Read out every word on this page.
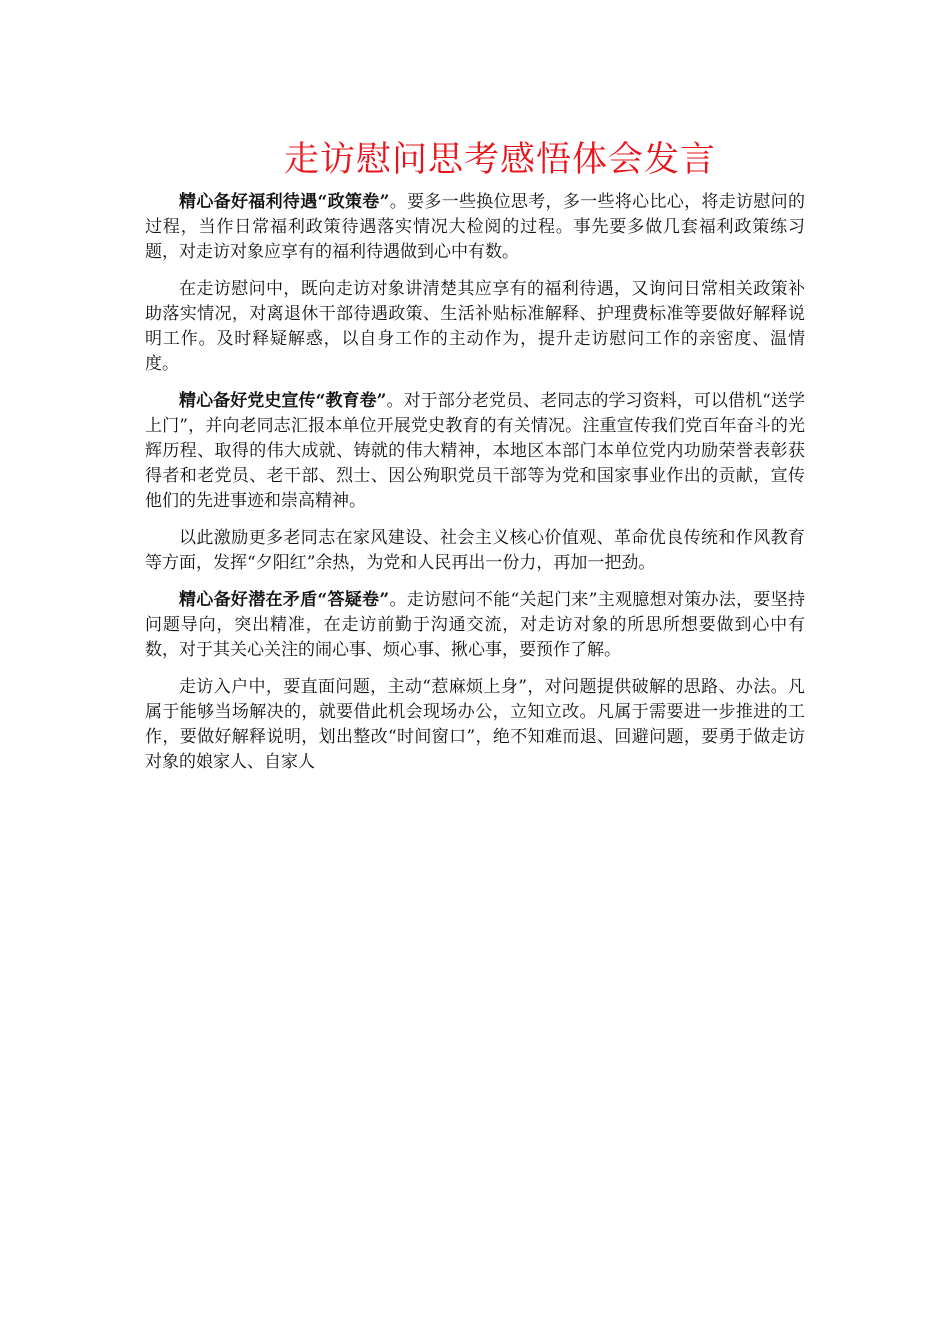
走访慰问思考感悟体会发言

精心备好福利待遇“政策卷”。要多一些换位思考，多一些将心比心，将走访慰问的过程，当作日常福利政策待遇落实情况大检阅的过程。事先要多做几套福利政策练习题，对走访对象应享有的福利待遇做到心中有数。

在走访慰问中，既向走访对象讲清楚其应享有的福利待遇，又询问日常相关政策补助落实情况，对离退休干部待遇政策、生活补贴标准解释、护理费标准等要做好解释说明工作。及时释疑解惑，以自身工作的主动作为，提升走访慰问工作的亲密度、温情度。

精心备好党史宣传“教育卷”。对于部分老党员、老同志的学习资料，可以借机“送学上门”，并向老同志汇报本单位开展党史教育的有关情况。注重宣传我们党百年奋斗的光辉历程、取得的伟大成就、铸就的伟大精神，本地区本部门本单位党内功励荣誉表彰获得者和老党员、老干部、烈士、因公殉职党员干部等为党和国家事业作出的贡献，宣传他们的先进事迹和崇高精神。

以此激励更多老同志在家风建设、社会主义核心价值观、革命优良传统和作风教育等方面，发挥“夕阳红”余热，为党和人民再出一份力，再加一把劲。

精心备好潜在矛盾“答疑卷”。走访慰问不能“关起门来”主观臆想对策办法，要坚持问题导向，突出精准，在走访前勤于沟通交流，对走访对象的所思所想要做到心中有数，对于其关心关注的闹心事、烦心事、揪心事，要预作了解。

走访入户中，要直面问题，主动“惹麻烦上身”，对问题提供破解的思路、办法。凡属于能够当场解决的，就要借此机会现场办公，立知立改。凡属于需要进一步推进的工作，要做好解释说明，划出整改“时间窗口”，绝不知难而退、回避问题，要勇于做走访对象的娘家人、自家人
